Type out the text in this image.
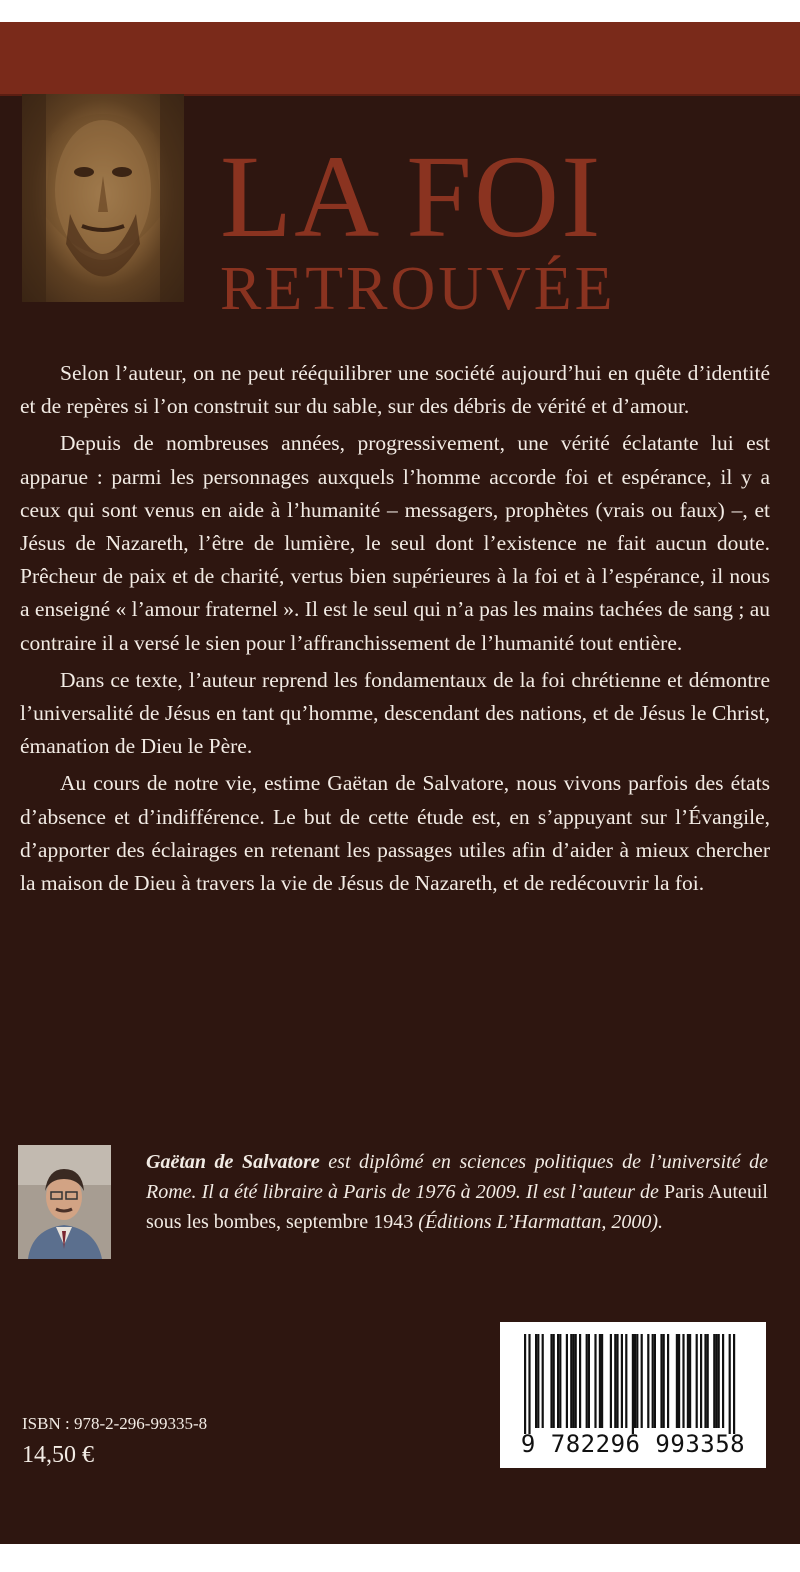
LA FOI
RETROUVÉE

Selon l’auteur, on ne peut rééquilibrer une société aujourd’hui en quête d’identité et de repères si l’on construit sur du sable, sur des débris de vérité et d’amour.

Depuis de nombreuses années, progressivement, une vérité éclatante lui est apparue : parmi les personnages auxquels l’homme accorde foi et espérance, il y a ceux qui sont venus en aide à l’humanité – messagers, prophètes (vrais ou faux) –, et Jésus de Nazareth, l’être de lumière, le seul dont l’existence ne fait aucun doute. Prêcheur de paix et de charité, vertus bien supérieures à la foi et à l’espérance, il nous a enseigné « l’amour fraternel ». Il est le seul qui n’a pas les mains tachées de sang ; au contraire il a versé le sien pour l’affranchissement de l’humanité tout entière.

Dans ce texte, l’auteur reprend les fondamentaux de la foi chrétienne et démontre l’universalité de Jésus en tant qu’homme, descendant des nations, et de Jésus le Christ, émanation de Dieu le Père.

Au cours de notre vie, estime Gaëtan de Salvatore, nous vivons parfois des états d’absence et d’indifférence. Le but de cette étude est, en s’appuyant sur l’Évangile, d’apporter des éclairages en retenant les passages utiles afin d’aider à mieux chercher la maison de Dieu à travers la vie de Jésus de Nazareth, et de redécouvrir la foi.

Gaëtan de Salvatore est diplômé en sciences politiques de l’université de Rome. Il a été libraire à Paris de 1976 à 2009. Il est l’auteur de Paris Auteuil sous les bombes, septembre 1943 (Éditions L’Harmattan, 2000).
ISBN : 978-2-296-99335-8
14,50 €	9 782296 993358
